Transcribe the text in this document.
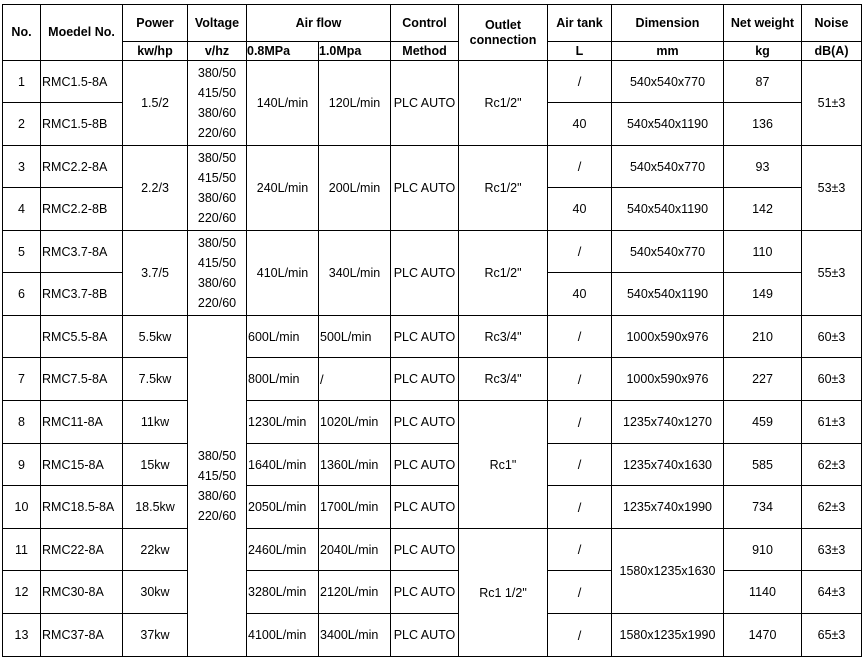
No.	Moedel No.	Power	Voltage	Air flow		Control	Outlet connection	Air tank	Dimension	Net weight	Noise
		kw/hp	v/hz	0.8MPa	1.0Mpa	Method		L	mm	kg	dB(A)
1	RMC1.5-8A	1.5/2	380/50 415/50 380/60 220/60	140L/min	120L/min	PLC AUTO	Rc1/2"	/	540x540x770	87	51±3
2	RMC1.5-8B							40	540x540x1190	136	
3	RMC2.2-8A	2.2/3	380/50 415/50 380/60 220/60	240L/min	200L/min	PLC AUTO	Rc1/2"	/	540x540x770	93	53±3
4	RMC2.2-8B							40	540x540x1190	142	
5	RMC3.7-8A	3.7/5	380/50 415/50 380/60 220/60	410L/min	340L/min	PLC AUTO	Rc1/2"	/	540x540x770	110	55±3
6	RMC3.7-8B							40	540x540x1190	149	
	RMC5.5-8A	5.5kw	380/50 415/50 380/60 220/60	600L/min	500L/min	PLC AUTO	Rc3/4"	/	1000x590x976	210	60±3
7	RMC7.5-8A	7.5kw		800L/min	/	PLC AUTO	Rc3/4"	/	1000x590x976	227	60±3
8	RMC11-8A	11kw		1230L/min	1020L/min	PLC AUTO	Rc1"	/	1235x740x1270	459	61±3
9	RMC15-8A	15kw		1640L/min	1360L/min	PLC AUTO		/	1235x740x1630	585	62±3
10	RMC18.5-8A	18.5kw		2050L/min	1700L/min	PLC AUTO		/	1235x740x1990	734	62±3
11	RMC22-8A	22kw		2460L/min	2040L/min	PLC AUTO	Rc1 1/2"	/	1580x1235x1630	910	63±3
12	RMC30-8A	30kw		3280L/min	2120L/min	PLC AUTO		/		1140	64±3
13	RMC37-8A	37kw		4100L/min	3400L/min	PLC AUTO		/	1580x1235x1990	1470	65±3
